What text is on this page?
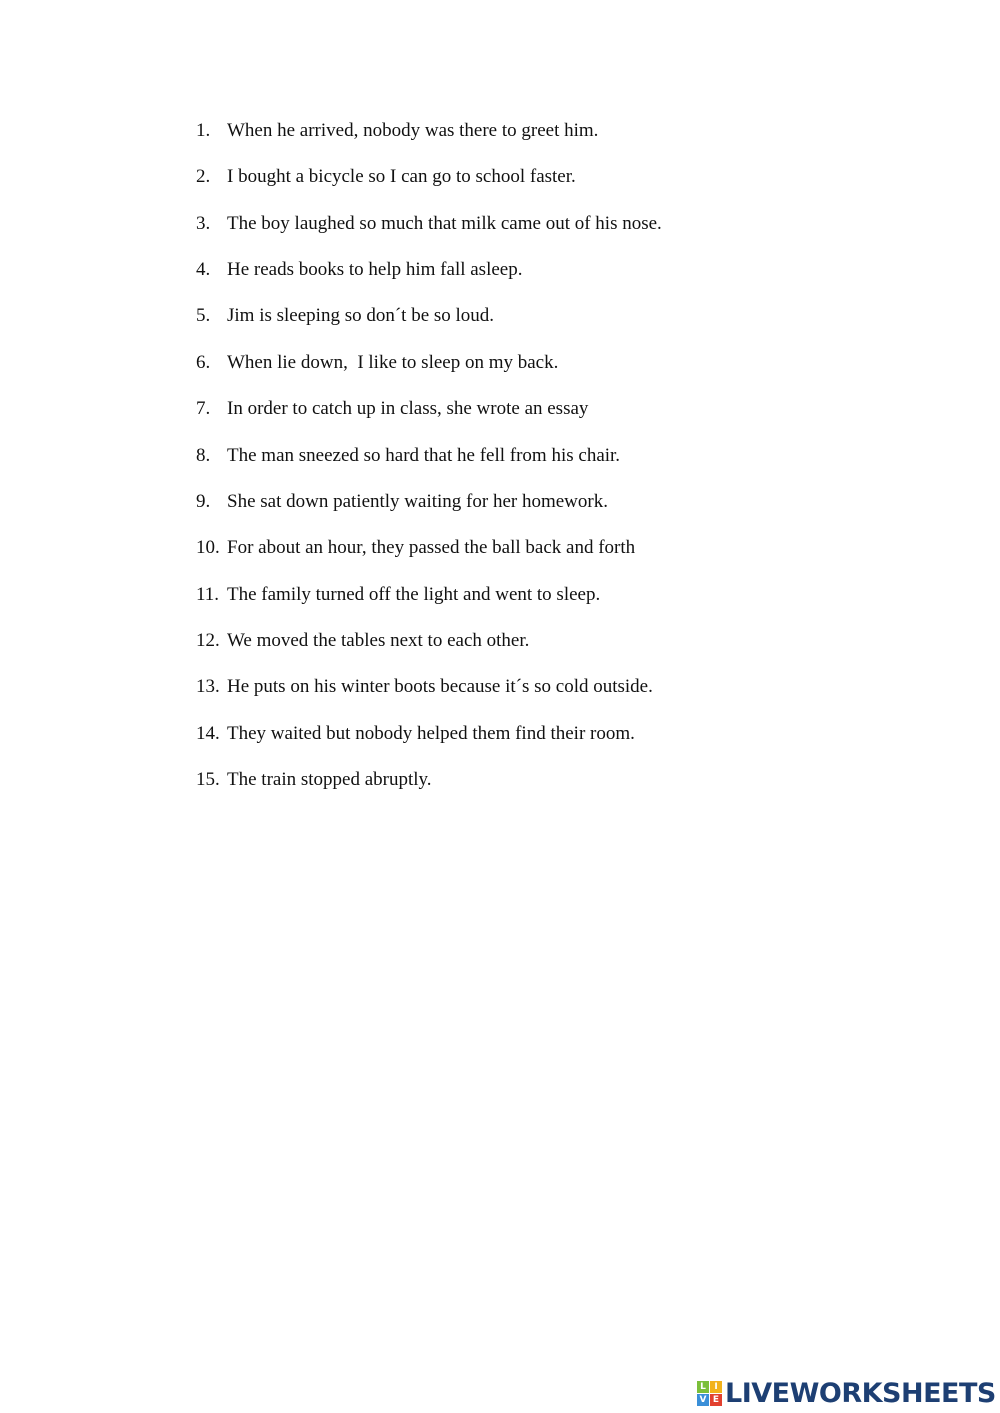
1. When he arrived, nobody was there to greet him.
2. I bought a bicycle so I can go to school faster.
3. The boy laughed so much that milk came out of his nose.
4. He reads books to help him fall asleep.
5. Jim is sleeping so don´t be so loud.
6. When lie down,  I like to sleep on my back.
7. In order to catch up in class, she wrote an essay
8. The man sneezed so hard that he fell from his chair.
9. She sat down patiently waiting for her homework.
10. For about an hour, they passed the ball back and forth
11. The family turned off the light and went to sleep.
12. We moved the tables next to each other.
13. He puts on his winter boots because it´s so cold outside.
14. They waited but nobody helped them find their room.
15. The train stopped abruptly.
L I
V E LIVEWORKSHEETS
